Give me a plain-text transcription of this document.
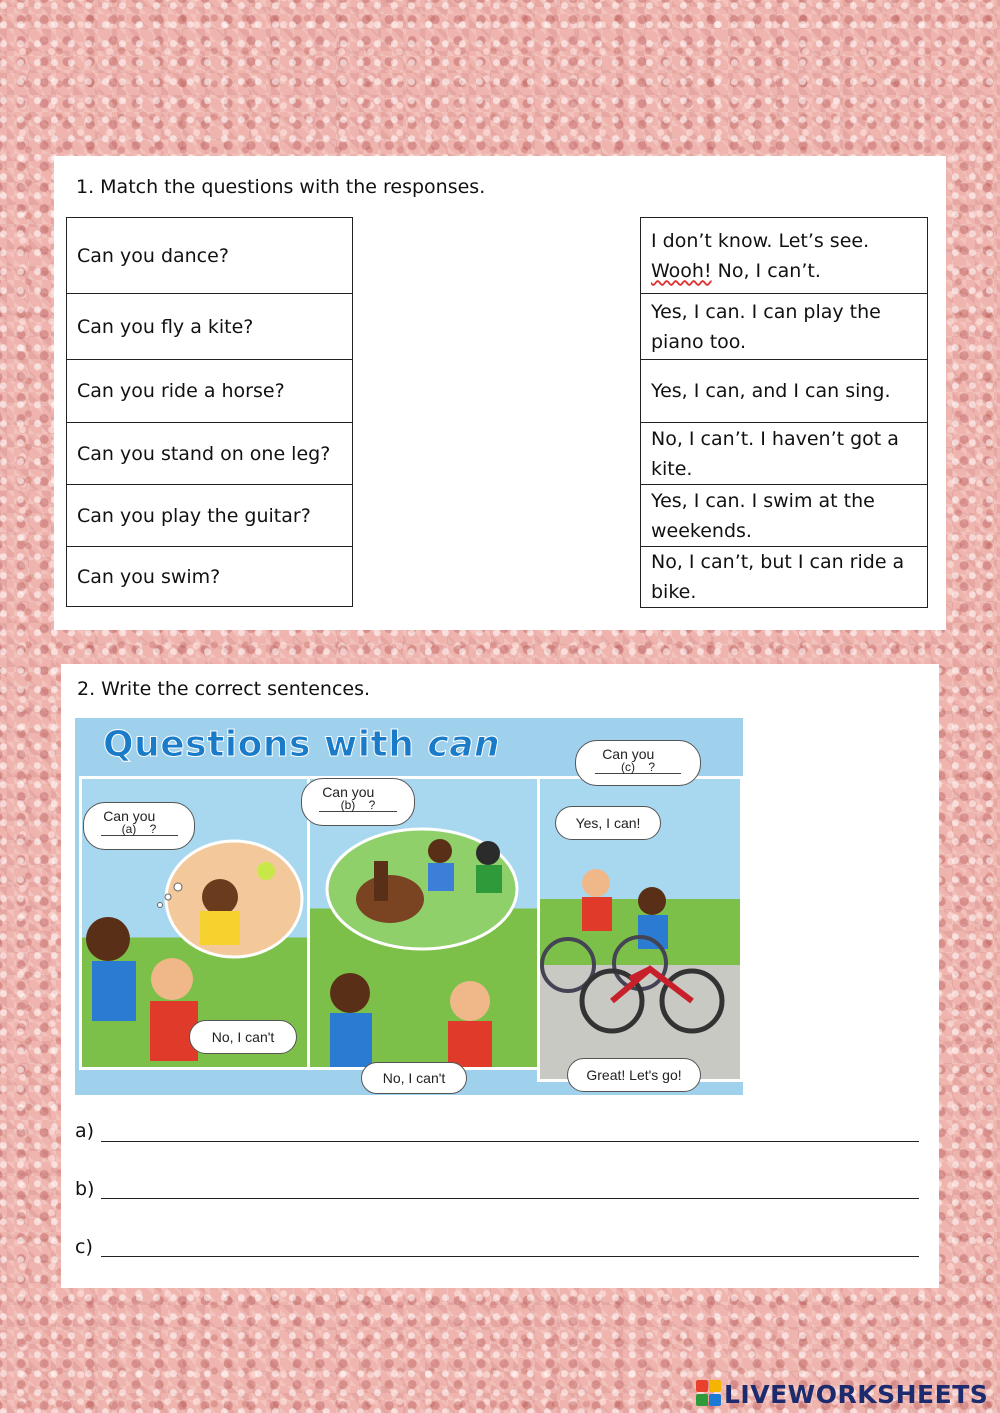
1. Match the questions with the responses.
Can you dance?
Can you fly a kite?
Can you ride a horse?
Can you stand on one leg?
Can you play the guitar?
Can you swim?
I don’t know. Let’s see.
Wooh! No, I can’t.
Yes, I can. I can play the piano too.
Yes, I can, and I can sing.
No, I can’t. I haven’t got a kite.
Yes, I can. I swim at the weekends.
No, I can’t, but I can ride a bike.
2. Write the correct sentences.
Questions with can
Can you
(a) ?
Can you
(b) ?
Can you
(c) ?
Yes, I can!
No, I can't
No, I can't	Great! Let's go!
a)
b)
c)
LIVEWORKSHEETS
